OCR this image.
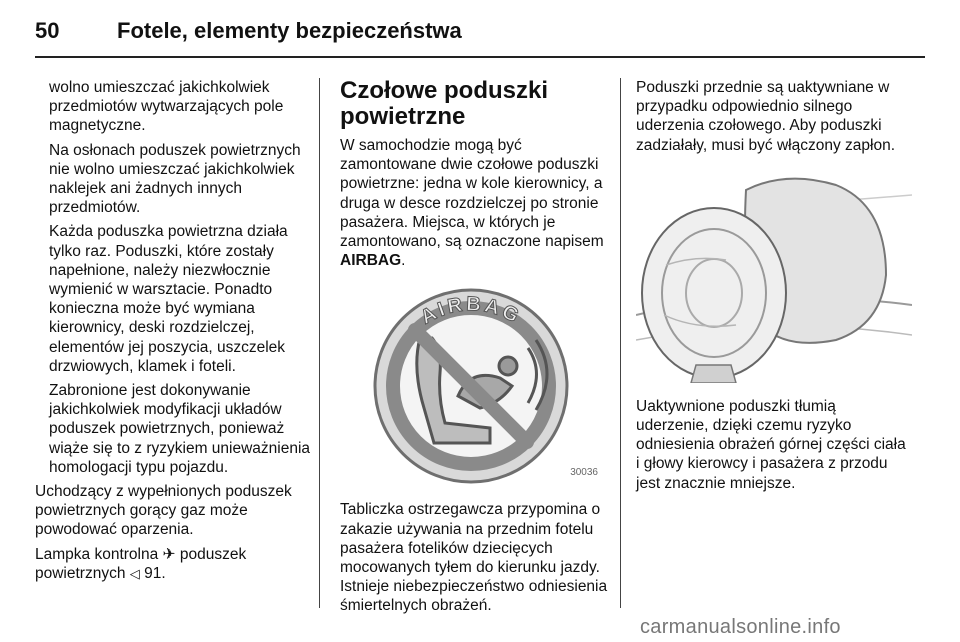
50	Fotele, elementy bezpieczeństwa
wolno umieszczać jakichkolwiek przedmiotów wytwarzających pole magnetyczne.
Na osłonach poduszek powietrznych nie wolno umieszczać jakichkolwiek naklejek ani żadnych innych przedmiotów.
Każda poduszka powietrzna działa tylko raz. Poduszki, które zostały napełnione, należy niezwłocznie wymienić w warsztacie. Ponadto konieczna może być wymiana kierownicy, deski rozdzielczej, elementów jej poszycia, uszczelek drzwiowych, klamek i foteli.
Zabronione jest dokonywanie jakichkolwiek modyfikacji układów poduszek powietrznych, ponieważ wiąże się to z ryzykiem unieważnienia homologacji typu pojazdu.
Uchodzący z wypełnionych poduszek powietrznych gorący gaz może powodować oparzenia.
Lampka kontrolna ✈ poduszek powietrznych ◁ 91.
Czołowe poduszki powietrzne
W samochodzie mogą być zamontowane dwie czołowe poduszki powietrzne: jedna w kole kierownicy, a druga w desce rozdzielczej po stronie pasażera. Miejsca, w których je zamontowano, są oznaczone napisem AIRBAG.
AIRBAG
30036
Tabliczka ostrzegawcza przypomina o zakazie używania na przednim fotelu pasażera fotelików dziecięcych mocowanych tyłem do kierunku jazdy. Istnieje niebezpieczeństwo odniesienia śmiertelnych obrażeń.
Poduszki przednie są uaktywniane w przypadku odpowiednio silnego uderzenia czołowego. Aby poduszki zadziałały, musi być włączony zapłon.
Uaktywnione poduszki tłumią uderzenie, dzięki czemu ryzyko odniesienia obrażeń górnej części ciała i głowy kierowcy i pasażera z przodu jest znacznie mniejsze.
carmanualsonline.info
